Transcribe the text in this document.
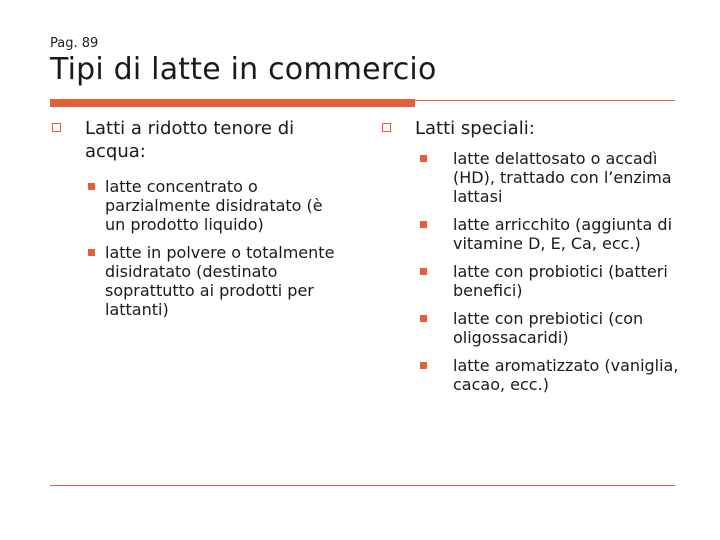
Pag. 89
Tipi di latte in commercio
Latti a ridotto tenore di acqua:
latte concentrato o parzialmente disidratato (è un prodotto liquido)
latte in polvere o totalmente disidratato (destinato soprattutto ai prodotti per lattanti)
Latti speciali:
latte delattosato o accadì (HD), trattado con l’enzima lattasi
latte arricchito (aggiunta di vitamine D, E, Ca, ecc.)
latte con probiotici (batteri benefici)
latte con prebiotici (con oligossacaridi)
latte aromatizzato (vaniglia, cacao, ecc.)
